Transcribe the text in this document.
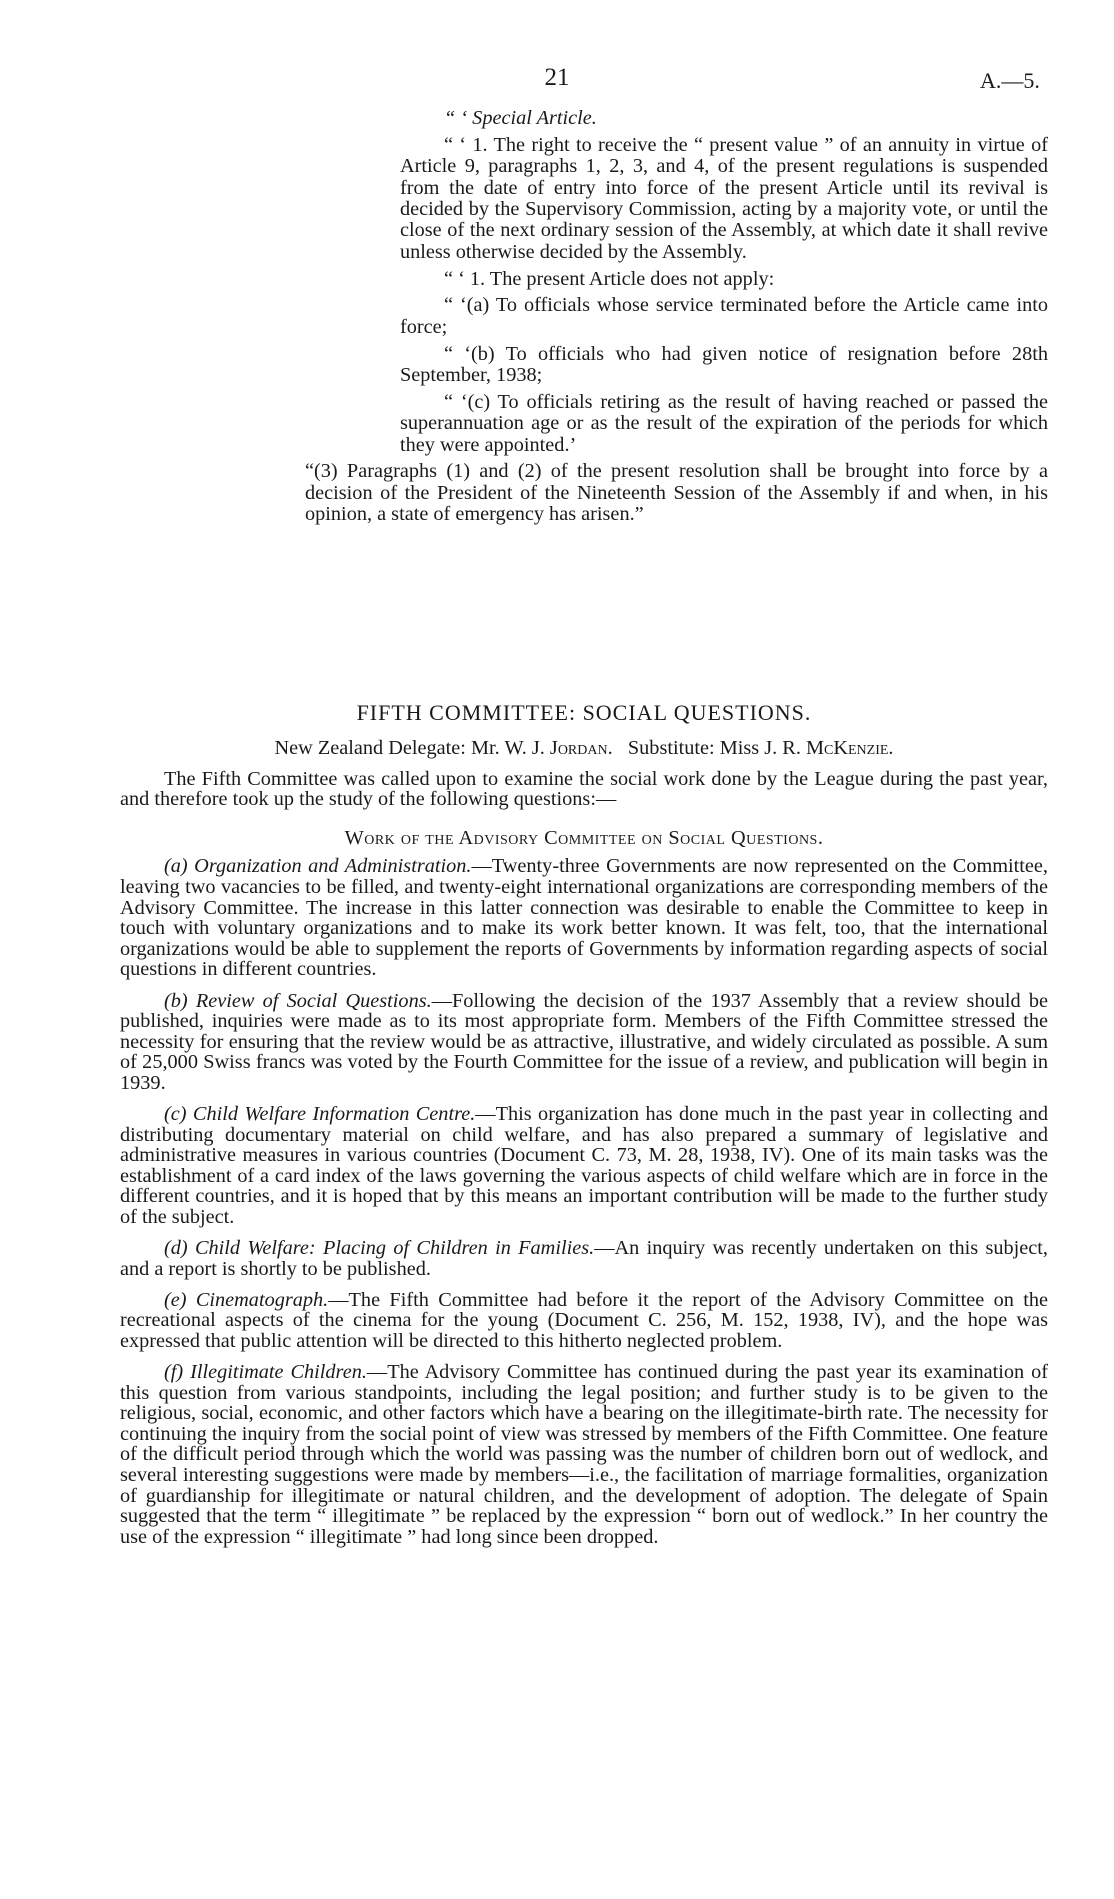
21	A.—5.

“ ‘ Special Article.

“ ‘ 1. The right to receive the “ present value ” of an annuity in virtue of Article 9, paragraphs 1, 2, 3, and 4, of the present regulations is suspended from the date of entry into force of the present Article until its revival is decided by the Supervisory Commission, acting by a majority vote, or until the close of the next ordinary session of the Assembly, at which date it shall revive unless otherwise decided by the Assembly.

“ ‘ 1. The present Article does not apply:

“ ‘(a) To officials whose service terminated before the Article came into force;

“ ‘(b) To officials who had given notice of resignation before 28th September, 1938;

“ ‘(c) To officials retiring as the result of having reached or passed the superannuation age or as the result of the expiration of the periods for which they were appointed.’

“(3) Paragraphs (1) and (2) of the present resolution shall be brought into force by a decision of the President of the Nineteenth Session of the Assembly if and when, in his opinion, a state of emergency has arisen.”

FIFTH COMMITTEE: SOCIAL QUESTIONS.

New Zealand Delegate: Mr. W. J. Jordan. Substitute: Miss J. R. McKenzie.

The Fifth Committee was called upon to examine the social work done by the League during the past year, and therefore took up the study of the following questions:—

Work of the Advisory Committee on Social Questions.

(a) Organization and Administration.—Twenty-three Governments are now represented on the Committee, leaving two vacancies to be filled, and twenty-eight international organizations are corresponding members of the Advisory Committee. The increase in this latter connection was desirable to enable the Committee to keep in touch with voluntary organizations and to make its work better known. It was felt, too, that the international organizations would be able to supplement the reports of Governments by information regarding aspects of social questions in different countries.

(b) Review of Social Questions.—Following the decision of the 1937 Assembly that a review should be published, inquiries were made as to its most appropriate form. Members of the Fifth Committee stressed the necessity for ensuring that the review would be as attractive, illustrative, and widely circulated as possible. A sum of 25,000 Swiss francs was voted by the Fourth Committee for the issue of a review, and publication will begin in 1939.

(c) Child Welfare Information Centre.—This organization has done much in the past year in collecting and distributing documentary material on child welfare, and has also prepared a summary of legislative and administrative measures in various countries (Document C. 73, M. 28, 1938, IV). One of its main tasks was the establishment of a card index of the laws governing the various aspects of child welfare which are in force in the different countries, and it is hoped that by this means an important contribution will be made to the further study of the subject.

(d) Child Welfare: Placing of Children in Families.—An inquiry was recently undertaken on this subject, and a report is shortly to be published.

(e) Cinematograph.—The Fifth Committee had before it the report of the Advisory Committee on the recreational aspects of the cinema for the young (Document C. 256, M. 152, 1938, IV), and the hope was expressed that public attention will be directed to this hitherto neglected problem.

(f) Illegitimate Children.—The Advisory Committee has continued during the past year its examination of this question from various standpoints, including the legal position; and further study is to be given to the religious, social, economic, and other factors which have a bearing on the illegitimate-birth rate. The necessity for continuing the inquiry from the social point of view was stressed by members of the Fifth Committee. One feature of the difficult period through which the world was passing was the number of children born out of wedlock, and several interesting suggestions were made by members—i.e., the facilitation of marriage formalities, organization of guardianship for illegitimate or natural children, and the development of adoption. The delegate of Spain suggested that the term “ illegitimate ” be replaced by the expression “ born out of wedlock.” In her country the use of the expression “ illegitimate ” had long since been dropped.
